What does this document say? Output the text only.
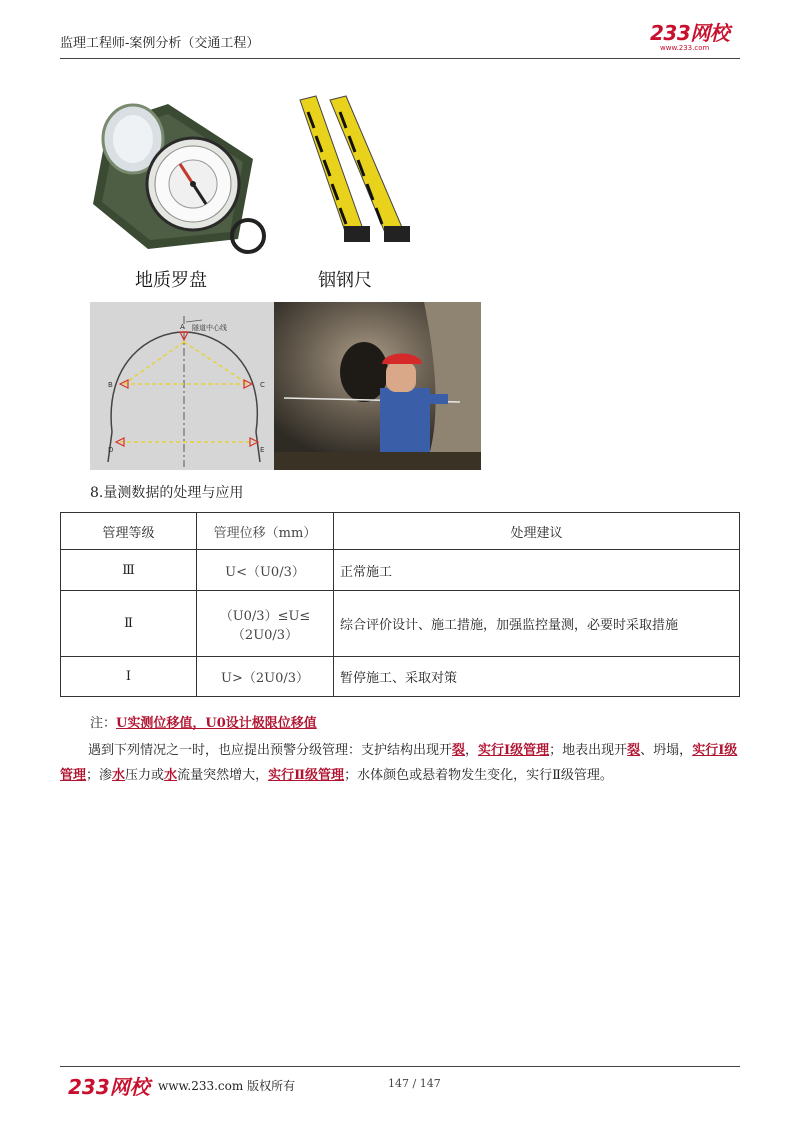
监理工程师-案例分析（交通工程）	233网校
www.233.com
地质罗盘	铟钢尺
隧道中心线
A
B	C
D	E
8.量测数据的处理与应用
管理等级	管理位移（mm）	处理建议
Ⅲ	U<（U0/3）	正常施工
Ⅱ	（U0/3）≤U≤（2U0/3）	综合评价设计、施工措施，加强监控量测，必要时采取措施
Ⅰ	U>（2U0/3）	暂停施工、采取对策
注：U实测位移值，U0设计极限位移值
遇到下列情况之一时，也应提出预警分级管理：支护结构出现开裂，实行Ⅰ级管理；地表出现开裂、坍塌，实行Ⅰ级管理；渗水压力或水流量突然增大，实行Ⅱ级管理；水体颜色或悬着物发生变化，实行Ⅱ级管理。
233网校 www.233.com 版权所有	147 / 147
